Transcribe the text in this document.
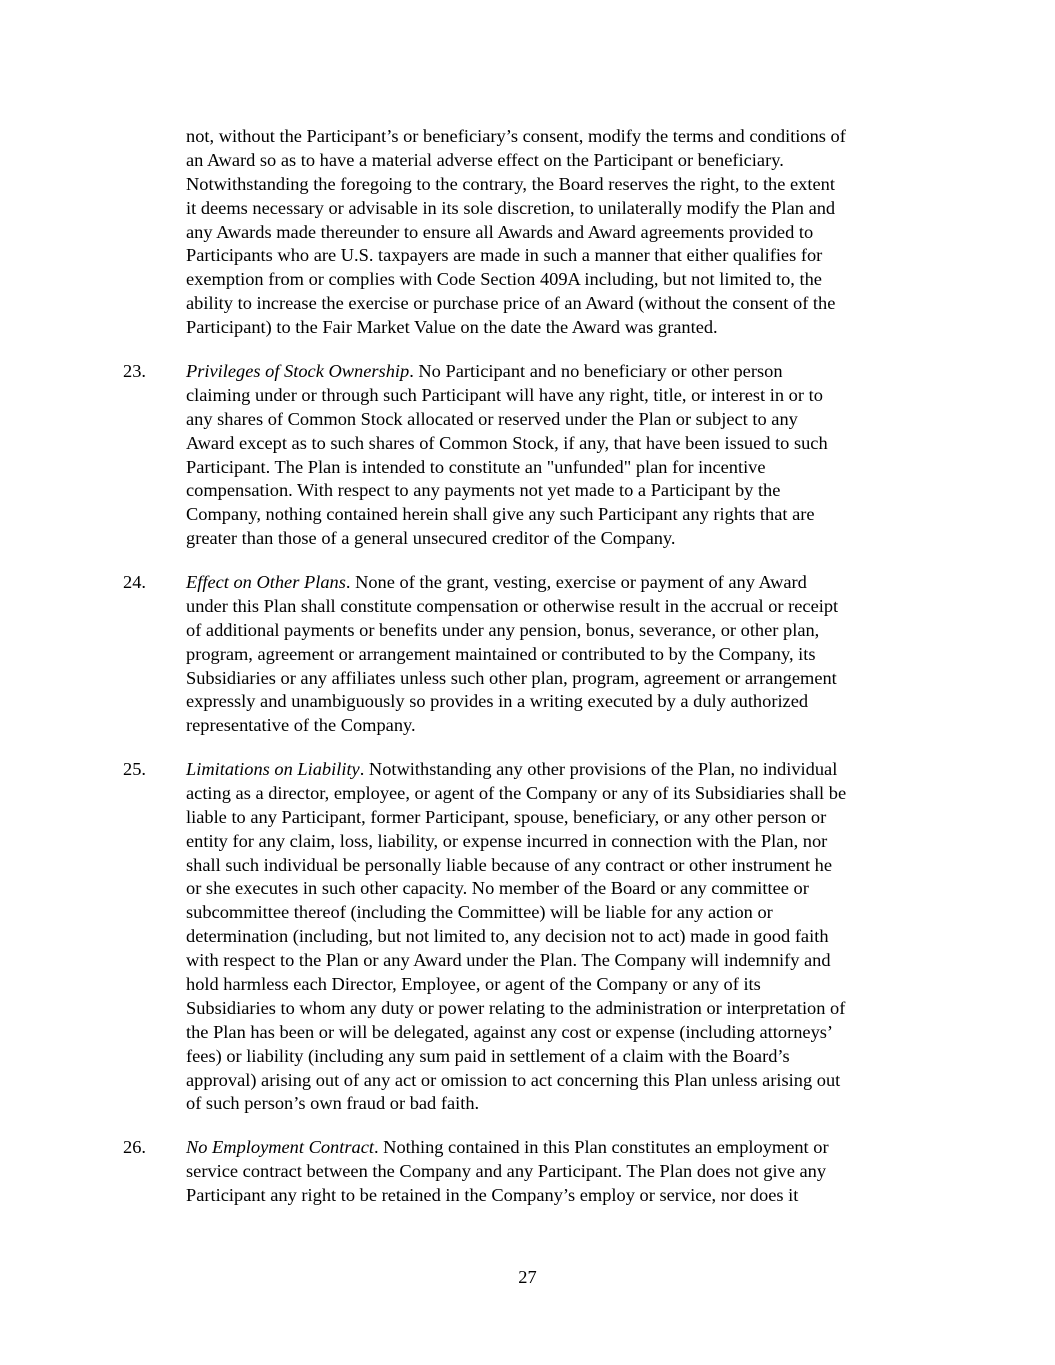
not, without the Participant’s or beneficiary’s consent, modify the terms and conditions of
an Award so as to have a material adverse effect on the Participant or beneficiary.
Notwithstanding the foregoing to the contrary, the Board reserves the right, to the extent
it deems necessary or advisable in its sole discretion, to unilaterally modify the Plan and
any Awards made thereunder to ensure all Awards and Award agreements provided to
Participants who are U.S. taxpayers are made in such a manner that either qualifies for
exemption from or complies with Code Section 409A including, but not limited to, the
ability to increase the exercise or purchase price of an Award (without the consent of the
Participant) to the Fair Market Value on the date the Award was granted.
23. Privileges of Stock Ownership. No Participant and no beneficiary or other person
claiming under or through such Participant will have any right, title, or interest in or to
any shares of Common Stock allocated or reserved under the Plan or subject to any
Award except as to such shares of Common Stock, if any, that have been issued to such
Participant. The Plan is intended to constitute an "unfunded" plan for incentive
compensation. With respect to any payments not yet made to a Participant by the
Company, nothing contained herein shall give any such Participant any rights that are
greater than those of a general unsecured creditor of the Company.
24. Effect on Other Plans. None of the grant, vesting, exercise or payment of any Award
under this Plan shall constitute compensation or otherwise result in the accrual or receipt
of additional payments or benefits under any pension, bonus, severance, or other plan,
program, agreement or arrangement maintained or contributed to by the Company, its
Subsidiaries or any affiliates unless such other plan, program, agreement or arrangement
expressly and unambiguously so provides in a writing executed by a duly authorized
representative of the Company.
25. Limitations on Liability. Notwithstanding any other provisions of the Plan, no individual
acting as a director, employee, or agent of the Company or any of its Subsidiaries shall be
liable to any Participant, former Participant, spouse, beneficiary, or any other person or
entity for any claim, loss, liability, or expense incurred in connection with the Plan, nor
shall such individual be personally liable because of any contract or other instrument he
or she executes in such other capacity. No member of the Board or any committee or
subcommittee thereof (including the Committee) will be liable for any action or
determination (including, but not limited to, any decision not to act) made in good faith
with respect to the Plan or any Award under the Plan. The Company will indemnify and
hold harmless each Director, Employee, or agent of the Company or any of its
Subsidiaries to whom any duty or power relating to the administration or interpretation of
the Plan has been or will be delegated, against any cost or expense (including attorneys’
fees) or liability (including any sum paid in settlement of a claim with the Board’s
approval) arising out of any act or omission to act concerning this Plan unless arising out
of such person’s own fraud or bad faith.
26. No Employment Contract. Nothing contained in this Plan constitutes an employment or
service contract between the Company and any Participant. The Plan does not give any
Participant any right to be retained in the Company’s employ or service, nor does it
27
